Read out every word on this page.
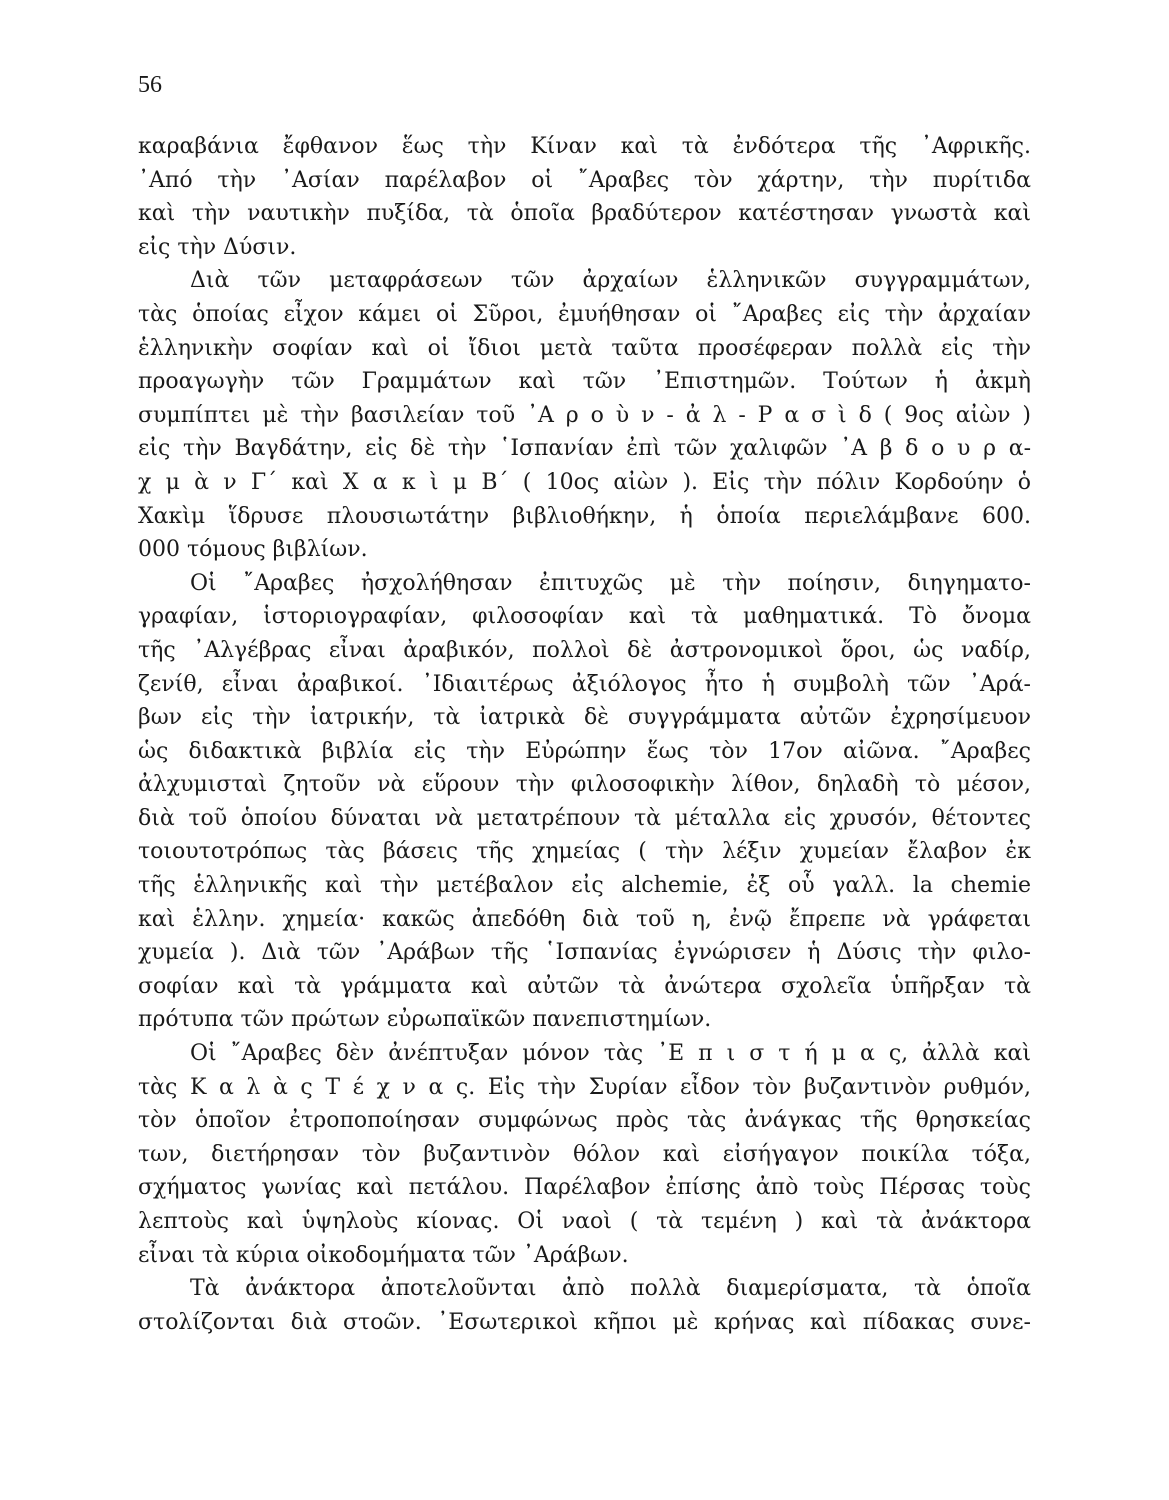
56
καραβάνια ἔφθανον ἕως τὴν Κίναν καὶ τὰ ἐνδότερα τῆς ᾿Αφρικῆς.
᾿Από τὴν ᾿Ασίαν παρέλαβον οἱ ῎Αραβες τὸν χάρτην, τὴν πυρίτιδα
καὶ τὴν ναυτικὴν πυξίδα, τὰ ὁποῖα βραδύτερον κατέστησαν γνωστὰ καὶ
εἰς τὴν Δύσιν.
Διὰ τῶν μεταφράσεων τῶν ἀρχαίων ἑλληνικῶν συγγραμμάτων,
τὰς ὁποίας εἶχον κάμει οἱ Σῦροι, ἐμυήθησαν οἱ ῎Αραβες εἰς τὴν ἀρχαίαν
ἑλληνικὴν σοφίαν καὶ οἱ ἴδιοι μετὰ ταῦτα προσέφεραν πολλὰ εἰς τὴν
προαγωγὴν τῶν Γραμμάτων καὶ τῶν ᾿Επιστημῶν. Τούτων ἡ ἀκμὴ
συμπίπτει μὲ τὴν βασιλείαν τοῦ ᾿Α ρ ο ὺ ν - ἀ λ - Ρ α σ ὶ δ ( 9ος αἰὼν )
εἰς τὴν Βαγδάτην, εἰς δὲ τὴν ῾Ισπανίαν ἐπὶ τῶν χαλιφῶν ᾿Α β δ ο υ ρ α-
χ μ ὰ ν Γ΄ καὶ Χ α κ ὶ μ Β΄ ( 10ος αἰὼν ). Εἰς τὴν πόλιν Κορδούην ὁ
Χακὶμ ἵδρυσε πλουσιωτάτην βιβλιοθήκην, ἡ ὁποία περιελάμβανε 600.
000 τόμους βιβλίων.
Οἱ ῎Αραβες ἠσχολήθησαν ἐπιτυχῶς μὲ τὴν ποίησιν, διηγηματο-
γραφίαν, ἱστοριογραφίαν, φιλοσοφίαν καὶ τὰ μαθηματικά. Τὸ ὄνομα
τῆς ᾿Αλγέβρας εἶναι ἀραβικόν, πολλοὶ δὲ ἀστρονομικοὶ ὅροι, ὡς ναδίρ,
ζενίθ, εἶναι ἀραβικοί. ᾿Ιδιαιτέρως ἀξιόλογος ἦτο ἡ συμβολὴ τῶν ᾿Αρά-
βων εἰς τὴν ἰατρικήν, τὰ ἰατρικὰ δὲ συγγράμματα αὐτῶν ἐχρησίμευον
ὡς διδακτικὰ βιβλία εἰς τὴν Εὐρώπην ἕως τὸν 17ον αἰῶνα. ῎Αραβες
ἀλχυμισταὶ ζητοῦν νὰ εὕρουν τὴν φιλοσοφικὴν λίθον, δηλαδὴ τὸ μέσον,
διὰ τοῦ ὁποίου δύναται νὰ μετατρέπουν τὰ μέταλλα εἰς χρυσόν, θέτοντες
τοιουτοτρόπως τὰς βάσεις τῆς χημείας ( τὴν λέξιν χυμείαν ἔλαβον ἐκ
τῆς ἑλληνικῆς καὶ τὴν μετέβαλον εἰς alchemie, ἐξ οὗ γαλλ. la chemie
καὶ ἑλλην. χημεία· κακῶς ἀπεδόθη διὰ τοῦ η, ἐνῷ ἔπρεπε νὰ γράφεται
χυμεία ). Διὰ τῶν ᾿Αράβων τῆς ῾Ισπανίας ἐγνώρισεν ἡ Δύσις τὴν φιλο-
σοφίαν καὶ τὰ γράμματα καὶ αὐτῶν τὰ ἀνώτερα σχολεῖα ὑπῆρξαν τὰ
πρότυπα τῶν πρώτων εὐρωπαϊκῶν πανεπιστημίων.
Οἱ ῎Αραβες δὲν ἀνέπτυξαν μόνον τὰς ᾿Ε π ι σ τ ή μ α ς, ἀλλὰ καὶ
τὰς Κ α λ ὰ ς Τ έ χ ν α ς. Εἰς τὴν Συρίαν εἶδον τὸν βυζαντινὸν ρυθμόν,
τὸν ὁποῖον ἐτροποποίησαν συμφώνως πρὸς τὰς ἀνάγκας τῆς θρησκείας
των, διετήρησαν τὸν βυζαντινὸν θόλον καὶ εἰσήγαγον ποικίλα τόξα,
σχήματος γωνίας καὶ πετάλου. Παρέλαβον ἐπίσης ἀπὸ τοὺς Πέρσας τοὺς
λεπτοὺς καὶ ὑψηλοὺς κίονας. Οἱ ναοὶ ( τὰ τεμένη ) καὶ τὰ ἀνάκτορα
εἶναι τὰ κύρια οἰκοδομήματα τῶν ᾿Αράβων.
Τὰ ἀνάκτορα ἀποτελοῦνται ἀπὸ πολλὰ διαμερίσματα, τὰ ὁποῖα
στολίζονται διὰ στοῶν. ᾿Εσωτερικοὶ κῆποι μὲ κρήνας καὶ πίδακας συνε-
